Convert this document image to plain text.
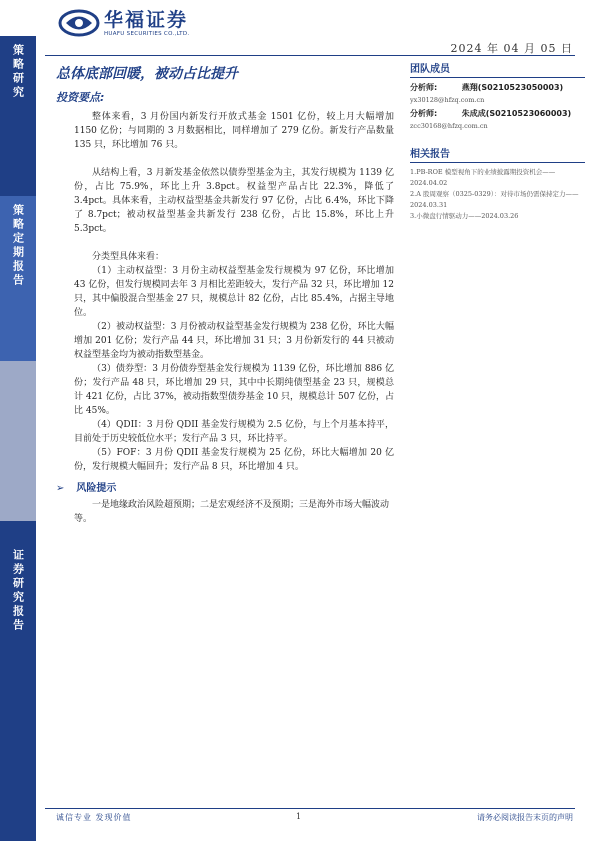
策略研究
策略定期报告
证券研究报告
华福证券
HUAFU SECURITIES CO.,LTD.
2024 年 04 月 05 日
总体底部回暖，被动占比提升
投资要点:

整体来看，3 月份国内新发行开放式基金 1501 亿份，较上月大幅增加 1150 亿份；与同期的 3 月数据相比，同样增加了 279 亿份。新发行产品数量 135 只，环比增加 76 只。

从结构上看，3 月新发基金依然以债券型基金为主，其发行规模为 1139 亿份，占比 75.9%，环比上升 3.8pct。权益型产品占比 22.3%，降低了 3.4pct。具体来看，主动权益型基金共新发行 97 亿份，占比 6.4%，环比下降了 8.7pct；被动权益型基金共新发行 238 亿份，占比 15.8%，环比上升 5.3pct。

分类型具体来看：

（1）主动权益型：3 月份主动权益型基金发行规模为 97 亿份，环比增加 43 亿份，但发行规模同去年 3 月相比差距较大，发行产品 32 只，环比增加 12 只，其中偏股混合型基金 27 只，规模总计 82 亿份，占比 85.4%，占据主导地位。

（2）被动权益型：3 月份被动权益型基金发行规模为 238 亿份，环比大幅增加 201 亿份；发行产品 44 只，环比增加 31 只；3 月份新发行的 44 只被动权益型基金均为被动指数型基金。

（3）债券型：3 月份债券型基金发行规模为 1139 亿份，环比增加 886 亿份；发行产品 48 只，环比增加 29 只，其中中长期纯债型基金 23 只，规模总计 421 亿份，占比 37%，被动指数型债券基金 10 只，规模总计 507 亿份，占比 45%。

（4）QDII：3 月份 QDII 基金发行规模为 2.5 亿份，与上个月基本持平，目前处于历史较低位水平；发行产品 3 只，环比持平。

（5）FOF：3 月份 QDII 基金发行规模为 25 亿份，环比大幅增加 20 亿份，发行规模大幅回升；发行产品 8 只，环比增加 4 只。

➢ 风险提示
一是地缘政治风险超预期；二是宏观经济不及预期；三是海外市场大幅波动等。
团队成员
分析师:	燕翔(S0210523050003)
yx30128@hfzq.com.cn
分析师:	朱成成(S0210523060003)
zcc30168@hfzq.com.cn
相关报告
1.PB-ROE 模型视角下的业绩披露期投资机会——2024.04.02
2.A 股周观察（0325-0329）：对待市场仍需保持定力——2024.03.31
3.小微盘行情驱动力——2024.03.26
诚信专业 发现价值	1	请务必阅读报告末页的声明
